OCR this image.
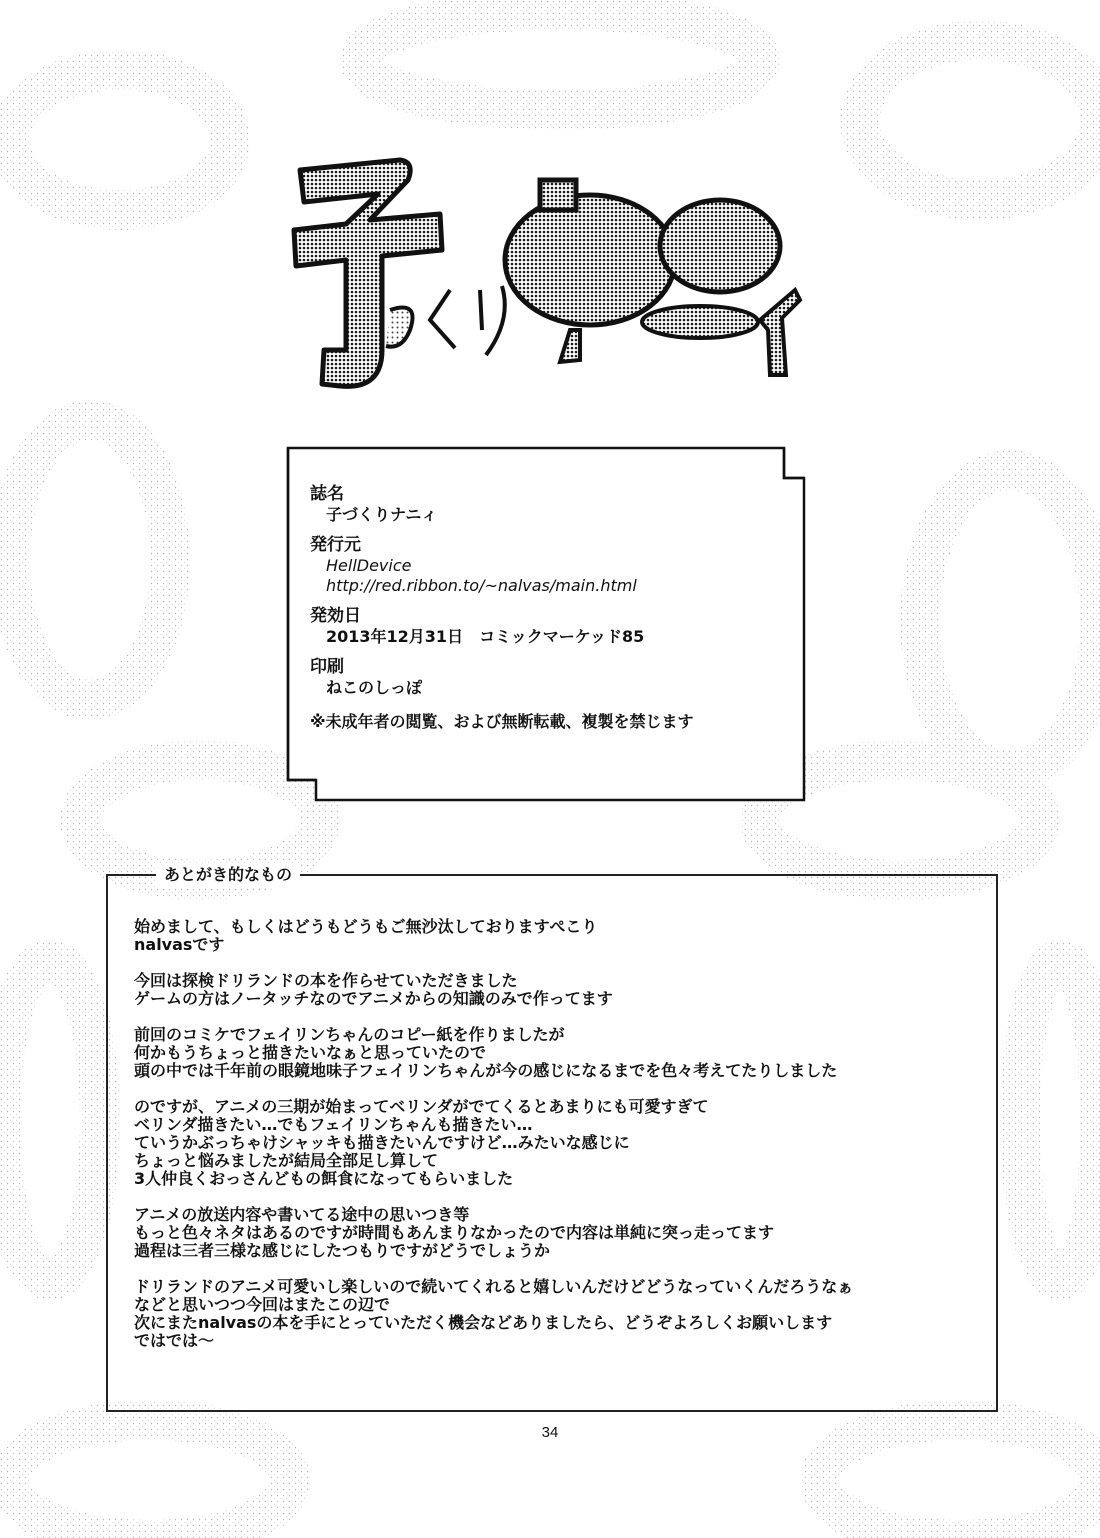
誌名
子づくりナニィ
発行元
HellDevice
http://red.ribbon.to/~nalvas/main.html
発効日
2013年12月31日　コミックマーケッド85
印刷
ねこのしっぽ
※未成年者の閲覧、および無断転載、複製を禁じます
あとがき的なもの
始めまして、もしくはどうもどうもご無沙汰しておりますぺこり
nalvasです
今回は探検ドリランドの本を作らせていただきました
ゲームの方はノータッチなのでアニメからの知識のみで作ってます
前回のコミケでフェイリンちゃんのコピー紙を作りましたが
何かもうちょっと描きたいなぁと思っていたので
頭の中では千年前の眼鏡地味子フェイリンちゃんが今の感じになるまでを色々考えてたりしました
のですが、アニメの三期が始まってベリンダがでてくるとあまりにも可愛すぎて
ベリンダ描きたい…でもフェイリンちゃんも描きたい…
ていうかぶっちゃけシャッキも描きたいんですけど…みたいな感じに
ちょっと悩みましたが結局全部足し算して
3人仲良くおっさんどもの餌食になってもらいました
アニメの放送内容や書いてる途中の思いつき等
もっと色々ネタはあるのですが時間もあんまりなかったので内容は単純に突っ走ってます
過程は三者三様な感じにしたつもりですがどうでしょうか
ドリランドのアニメ可愛いし楽しいので続いてくれると嬉しいんだけどどうなっていくんだろうなぁ
などと思いつつ今回はまたこの辺で
次にまたnalvasの本を手にとっていただく機会などありましたら、どうぞよろしくお願いします
ではでは～
34
